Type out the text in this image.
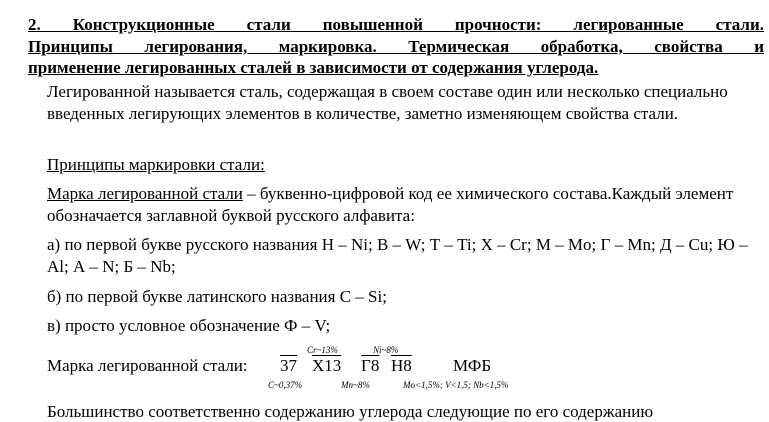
2. Конструкционные стали повышенной прочности: легированные стали.
Принципы легирования, маркировка. Термическая обработка, свойства и
применение легированных сталей в зависимости от содержания углерода.
Легированной называется сталь, содержащая в своем составе один или несколько специально введенных легирующих элементов в количестве, заметно изменяющем свойства стали.
Принципы маркировки стали:
Марка легированной стали – буквенно-цифровой код ее химического состава.Каждый элемент обозначается заглавной буквой русского алфавита:
а) по первой букве русского названия Н – Ni; В – W; Т – Ti; Х – Cr; М – Mo; Г – Mn; Д – Cu; Ю – Al; А – N; Б – Nb;
б) по первой букве латинского названия С – Si;
в) просто условное обозначение Ф – V;
Марка легированной стали: 37 Х13 Г8 Н8 МФБ
Cr~13%	Ni~8%
C~0,37%	Mn~8%	Mo<1,5%; V<1,5; Nb<1,5%
Большинство соответственно содержанию углерода следующие по его содержанию
